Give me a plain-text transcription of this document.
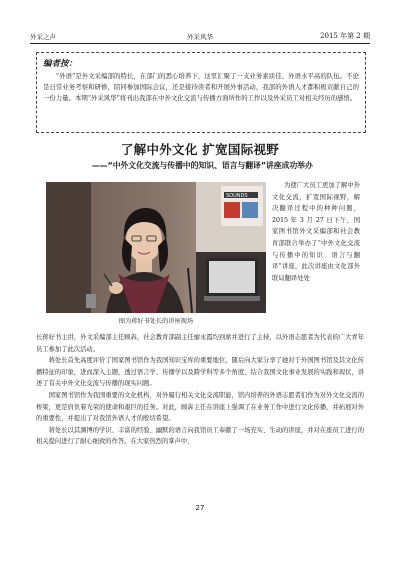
外采之声	外采风华	2015 年第 2 期
编者按：
“外语”是外文采编部的特长，在部门的悉心培养下，这里汇聚了一支业务素质佳、外语水平高的队伍。不论是日常业务考察和研修，陪同参加国际会议，还是接待读者和开展外事活动，我部的外语人才都积极贡献自己的一份力量。本期“外采风华”将刊出我部在中外文化交流与传播方面所作的工作以及外采员工对相关经历的感悟。
了解中外文化 扩宽国际视野
——“中外文化交流与传播中的知识、语言与翻译”讲座成功举办
SOUNDS
图为蒋好书处长的讲座现场
为使广大员工更加了解中外文化交流，扩宽国际视野，解决翻译过程中的种种问题，2015 年 3 月 27 日下午，国家图书馆外文采编部和社会教育部联合举办了“中外文化交流与传播中的知识、语言与翻译”讲座，此次讲座由文化部外联局翻译处处

长蒋好书主讲，外文采编部主任顾犇，社会教育部副主任廖永霞均到席并进行了主持，以外语志愿者为代表的广大青年员工参加了此次活动。

蒋处长首先高度评价了国家图书馆作为我国知识宝库的重要地位，随后向大家分享了她对于外国图书馆及其文化传播特征的印象，进而深入主题，透过语言学、传播学以及跨学科等多个角度，结合我国文化事业发展的实践和现状，讲述了有关中外文化交流与传播的现实问题。

国家图书馆作为我国重要的文化机构，对外履行相关文化交流职能，馆内培养的外语志愿者们作为对外文化交流的桥梁，更是肩负着光荣的使命和艰巨的任务。对此，顾犇主任在讲座上强调了在业务工作中进行文化传播、并拓展对外的重要性，并提出了对我馆外语人才的殷切希望。

蒋处长以其渊博的学识、丰富的经验、幽默的语言向我馆员工奉献了一场充实、生动的讲座，并对在座员工进行的相关提问进行了耐心细致的作答。在大家热烈的掌声中，

27
